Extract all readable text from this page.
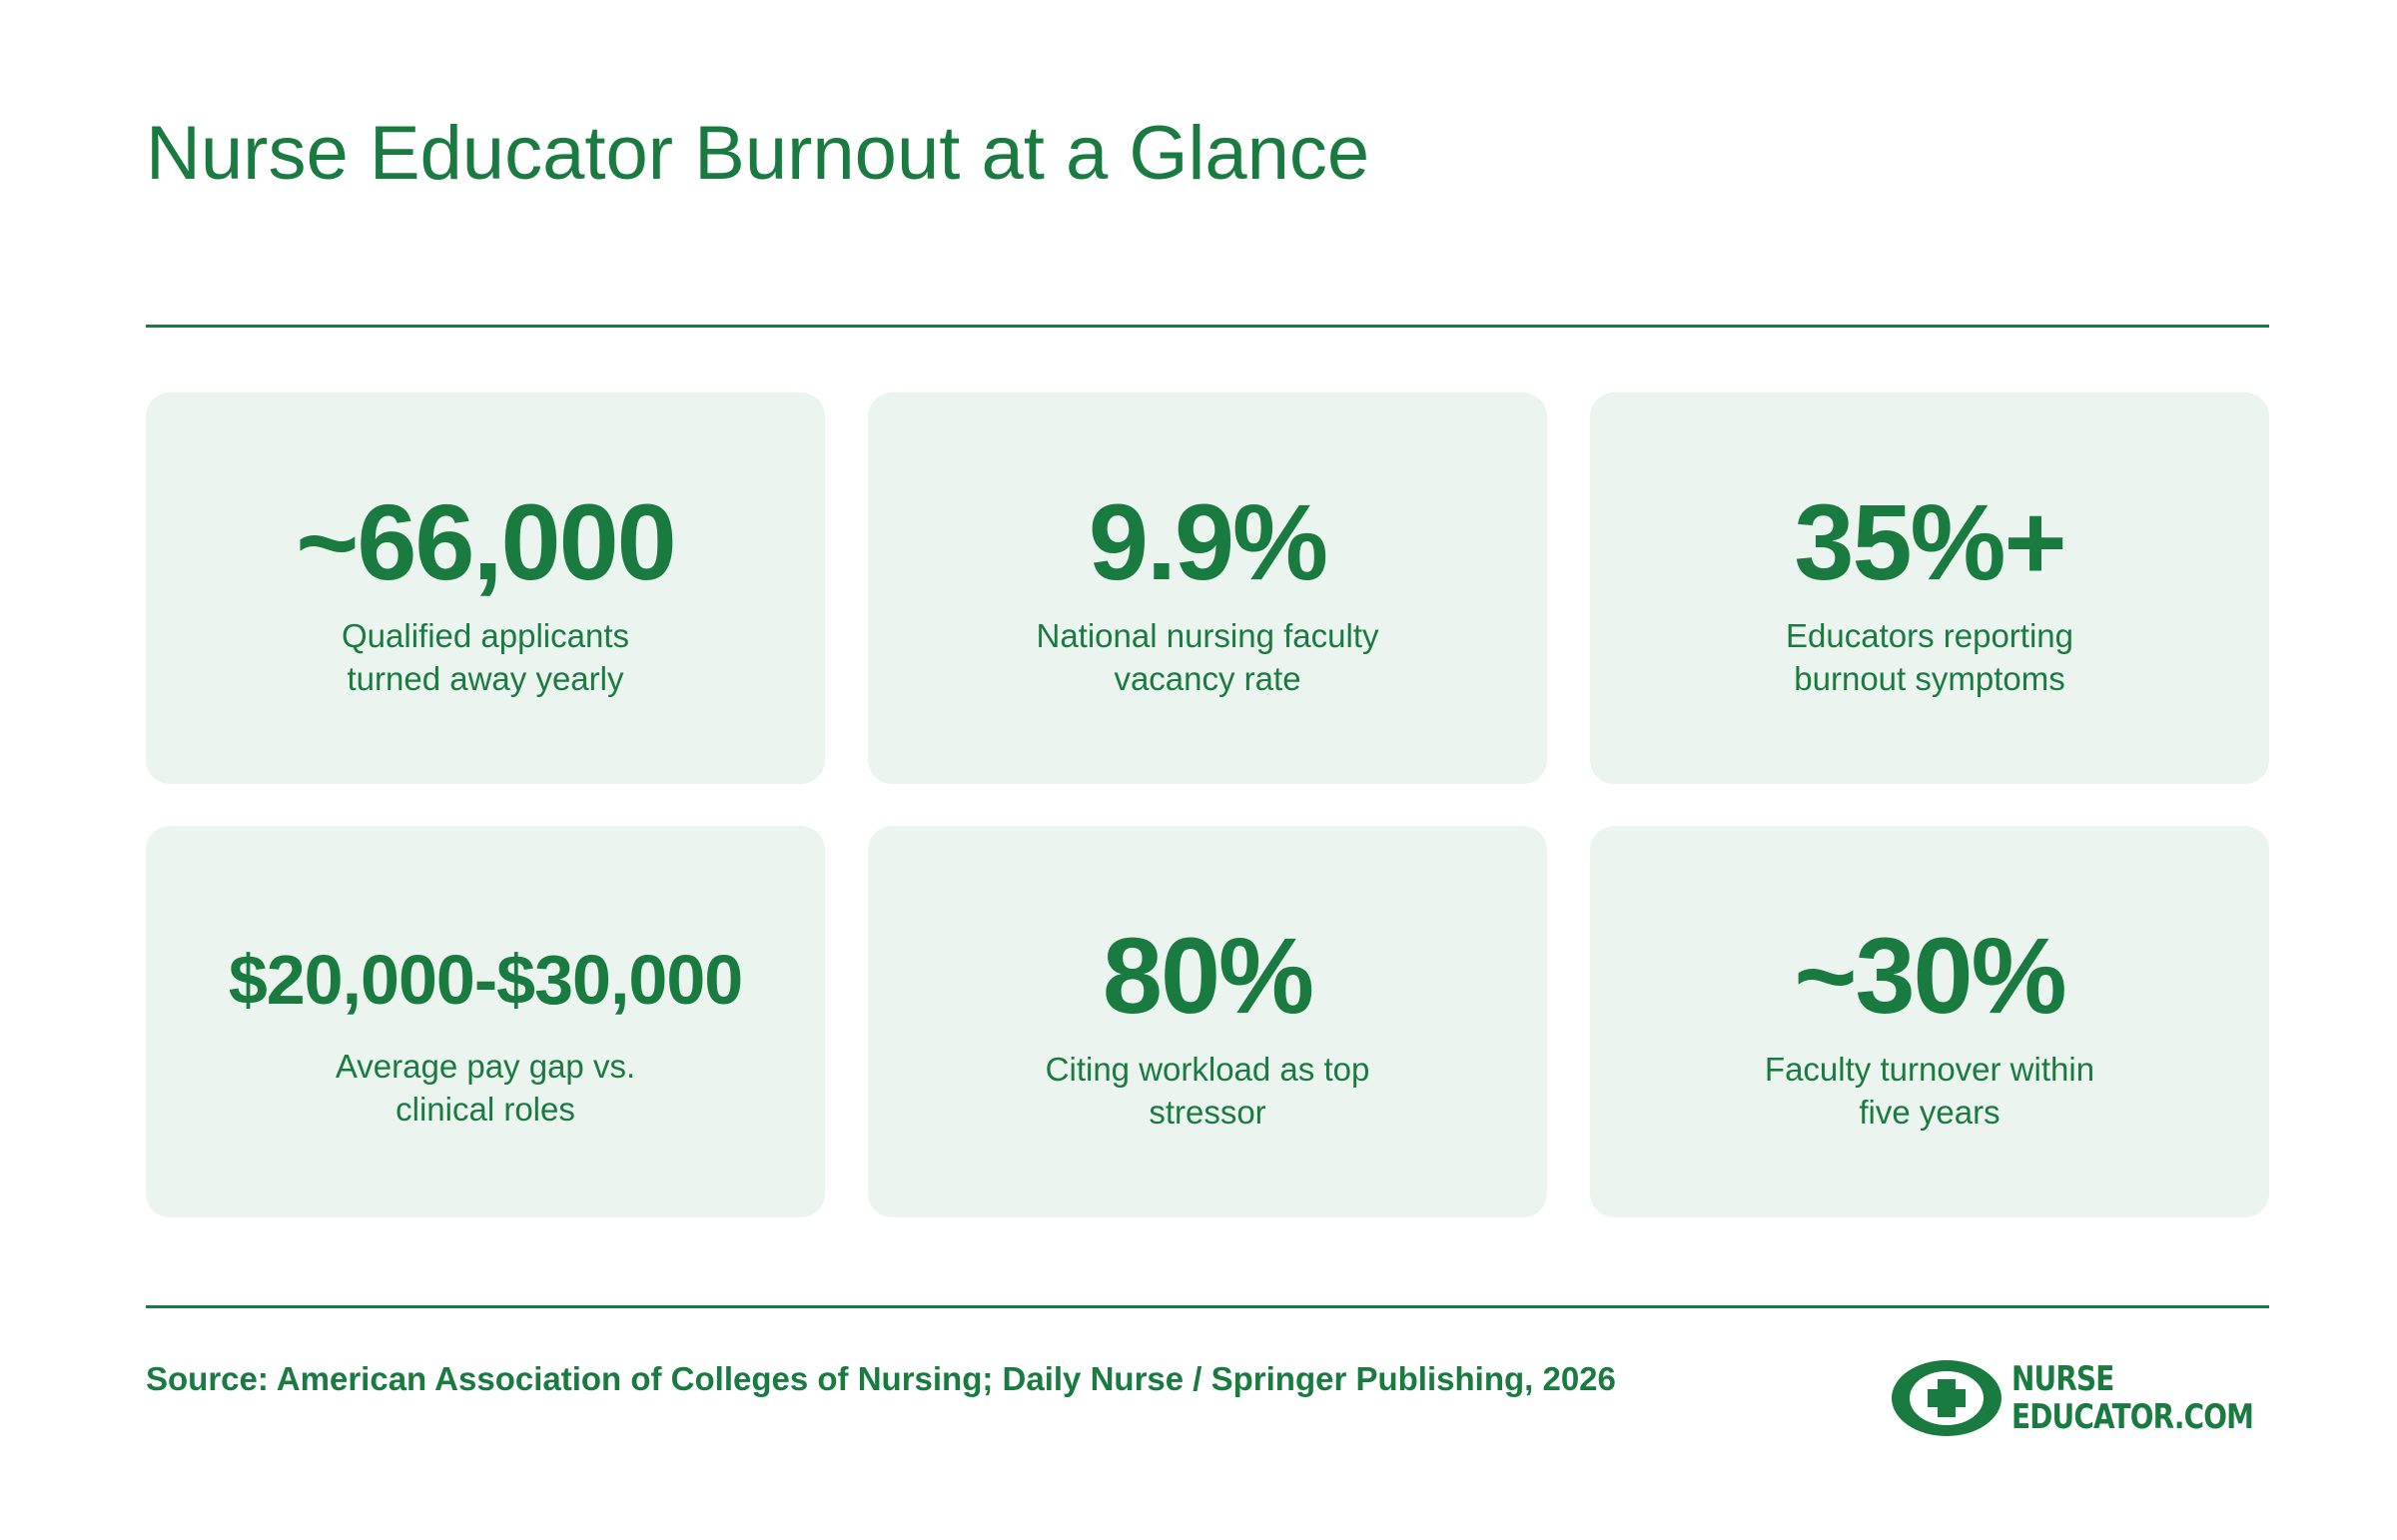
Nurse Educator Burnout at a Glance
~66,000
Qualified applicants turned away yearly
9.9%
National nursing faculty vacancy rate
35%+
Educators reporting burnout symptoms
$20,000-$30,000
Average pay gap vs. clinical roles
80%
Citing workload as top stressor
~30%
Faculty turnover within five years
Source: American Association of Colleges of Nursing; Daily Nurse / Springer Publishing, 2026	NURSE
EDUCATOR.COM
